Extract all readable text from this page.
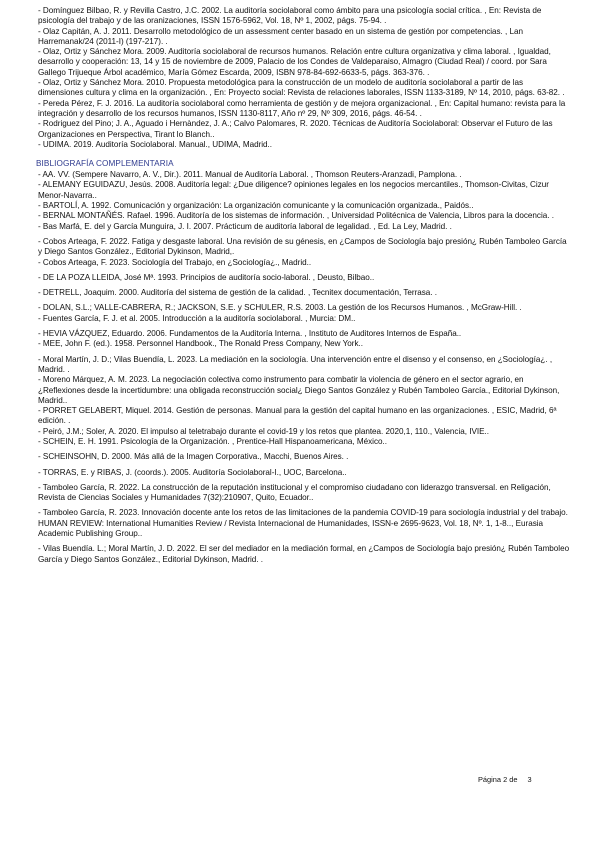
- Domínguez Bilbao, R. y Revilla Castro, J.C. 2002. La auditoría sociolaboral como ámbito para una psicología social crítica. , En: Revista de psicología del trabajo y de las oranizaciones, ISSN 1576-5962, Vol. 18, Nº 1, 2002, págs. 75-94. .

- Olaz Capitán, A. J. 2011. Desarrollo metodológico de un assessment center basado en un sistema de gestión por competencias. , Lan Harremanak/24 (2011-I) (197-217). .

- Olaz, Ortiz y Sánchez Mora. 2009. Auditoría sociolaboral de recursos humanos. Relación entre cultura organizativa y clima laboral. , Igualdad, desarrollo y cooperación: 13, 14 y 15 de noviembre de 2009, Palacio de los Condes de Valdeparaiso, Almagro (Ciudad Real) / coord. por Sara Gallego Trijueque Árbol académico, María Gómez Escarda, 2009, ISBN 978-84-692-6633-5, págs. 363-376. .

- Olaz, Ortiz y Sánchez Mora. 2010. Propuesta metodológica para la construcción de un modelo de auditoría sociolaboral a partir de las dimensiones cultura y clima en la organización. , En: Proyecto social: Revista de relaciones laborales, ISSN 1133-3189, Nº 14, 2010, págs. 63-82. .

- Pereda Pérez, F. J. 2016. La auditoría sociolaboral como herramienta de gestión y de mejora organizacional. , En: Capital humano: revista para la integración y desarrollo de los recursos humanos, ISSN 1130-8117, Año nº 29, Nº 309, 2016, págs. 46-54. .

- Rodriguez del Pino; J. A., Aguado i Hernàndez, J. A.; Calvo Palomares, R. 2020. Técnicas de Auditoría Sociolaboral: Observar el Futuro de las Organizaciones en Perspectiva, Tirant lo Blanch..

- UDIMA. 2019. Auditoría Sociolaboral. Manual., UDIMA, Madrid..

BIBLIOGRAFÍA COMPLEMENTARIA

- AA. VV. (Sempere Navarro, A. V., Dir.). 2011. Manual de Auditoría Laboral. , Thomson Reuters-Aranzadi, Pamplona. .

- ALEMANY EGUIDAZU, Jesús. 2008. Auditoría legal: ¿Due diligence? opiniones legales en los negocios mercantiles., Thomson-Civitas, Cizur Menor-Navarra..

- BARTOLÍ, A. 1992. Comunicación y organización: La organización comunicante y la comunicación organizada., Paidós..

- BERNAL MONTAÑÉS. Rafael. 1996. Auditoría de los sistemas de información. , Universidad Politécnica de Valencia, Libros para la docencia. .

- Bas Marfá, E. del y García Munguira, J. I. 2007. Prácticum de auditoría laboral de legalidad. , Ed. La Ley, Madrid. .

- Cobos Arteaga, F. 2022. Fatiga y desgaste laboral. Una revisión de su génesis, en ¿Campos de Sociología bajo presión¿ Rubén Tamboleo García y Diego Santos González., Editorial Dykinson, Madrid,.

- Cobos Arteaga, F. 2023. Sociología del Trabajo, en ¿Sociología¿., Madrid..

- DE LA POZA LLEIDA, José Mª. 1993. Principios de auditoría socio-laboral. , Deusto, Bilbao..

- DETRELL, Joaquim. 2000. Auditoría del sistema de gestión de la calidad. , Tecnitex documentación, Terrasa. .

- DOLAN, S.L.; VALLE-CABRERA, R.; JACKSON, S.E. y SCHULER, R.S. 2003. La gestión de los Recursos Humanos. , McGraw-Hill. .

- Fuentes García, F. J. et al. 2005. Introducción a la auditoría sociolaboral. , Murcia: DM..

- HEVIA VÁZQUEZ, Eduardo. 2006. Fundamentos de la Auditoría Interna. , Instituto de Auditores Internos de España..

- MEE, John F. (ed.). 1958. Personnel Handbook., The Ronald Press Company, New York..

- Moral Martín, J. D.; Vilas Buendía, L. 2023. La mediación en la sociología. Una intervención entre el disenso y el consenso, en ¿Sociología¿. , Madrid. .

- Moreno Márquez, A. M. 2023. La negociación colectiva como instrumento para combatir la violencia de género en el sector agrario, en ¿Reflexiones desde la incertidumbre: una obligada reconstrucción social¿ Diego Santos González y Rubén Tamboleo García., Editorial Dykinson, Madrid..

- PORRET GELABERT, Miquel. 2014. Gestión de personas. Manual para la gestión del capital humano en las organizaciones. , ESIC, Madrid, 6ª edición. .

- Peiró, J.M.; Soler, A. 2020. El impulso al teletrabajo durante el covid-19 y los retos que plantea. 2020,1, 110., Valencia, IVIE..

- SCHEIN, E. H. 1991. Psicología de la Organización. , Prentice-Hall Hispanoamericana, México..

- SCHEINSOHN, D. 2000. Más allá de la Imagen Corporativa., Macchi, Buenos Aires. .

- TORRAS, E. y RIBAS, J. (coords.). 2005. Auditoría Sociolaboral-I., UOC, Barcelona..

- Tamboleo García, R. 2022. La construcción de la reputación institucional y el compromiso ciudadano con liderazgo transversal. en Religación, Revista de Ciencias Sociales y Humanidades 7(32):210907, Quito, Ecuador..

- Tamboleo García, R. 2023. Innovación docente ante los retos de las limitaciones de la pandemia COVID-19 para sociología industrial y del trabajo. HUMAN REVIEW: International Humanities Review / Revista Internacional de Humanidades, ISSN-e 2695-9623, Vol. 18, Nº. 1, 1-8.., Eurasia Academic Publishing Group..

- Vilas Buendía. L.; Moral Martín, J. D. 2022. El ser del mediador en la mediación formal, en ¿Campos de Sociología bajo presión¿ Rubén Tamboleo García y Diego Santos González., Editorial Dykinson, Madrid. .

Página 2 de 3
